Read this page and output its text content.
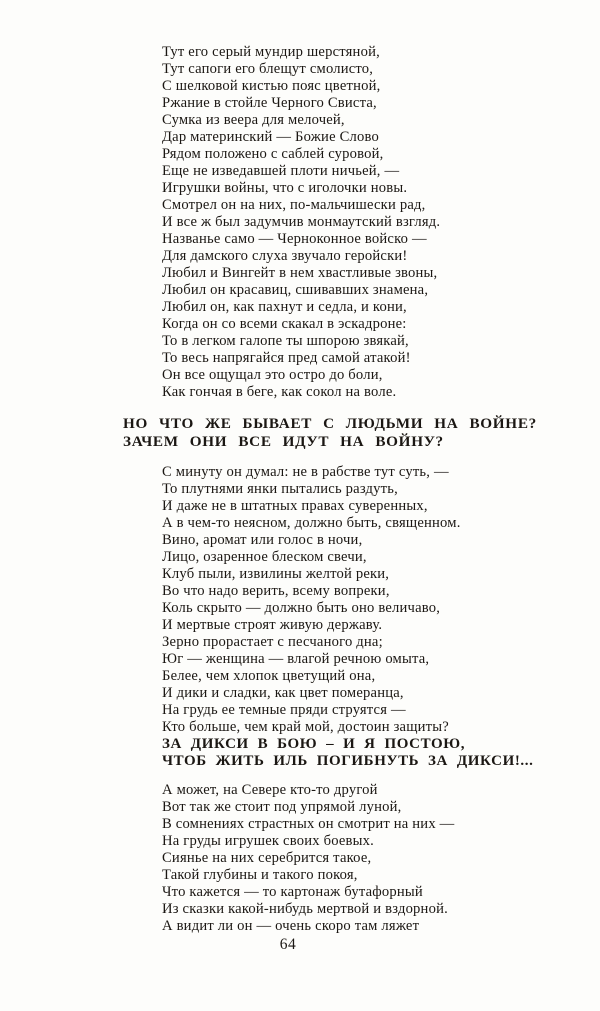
Тут его серый мундир шерстяной,
Тут сапоги его блещут смолисто,
С шелковой кистью пояс цветной,
Ржание в стойле Черного Свиста,
Сумка из веера для мелочей,
Дар материнский — Божие Слово
Рядом положено с саблей суровой,
Еще не изведавшей плоти ничьей, —
Игрушки войны, что с иголочки новы.
Смотрел он на них, по-мальчишески рад,
И все ж был задумчив монмаутский взгляд.
Названье само — Черноконное войско —
Для дамского слуха звучало геройски!
Любил и Вингейт в нем хвастливые звоны,
Любил он красавиц, сшивавших знамена,
Любил он, как пахнут и седла, и кони,
Когда он со всеми скакал в эскадроне:
То в легком галопе ты шпорою звякай,
То весь напрягайся пред самой атакой!
Он все ощущал это остро до боли,
Как гончая в беге, как сокол на воле.
НО ЧТО ЖЕ БЫВАЕТ С ЛЮДЬМИ НА ВОЙНЕ?
ЗАЧЕМ ОНИ ВСЕ ИДУТ НА ВОЙНУ?
С минуту он думал: не в рабстве тут суть, —
То плутнями янки пытались раздуть,
И даже не в штатных правах суверенных,
А в чем-то неясном, должно быть, священном.
Вино, аромат или голос в ночи,
Лицо, озаренное блеском свечи,
Клуб пыли, извилины желтой реки,
Во что надо верить, всему вопреки,
Коль скрыто — должно быть оно величаво,
И мертвые строят живую державу.
Зерно прорастает с песчаного дна;
Юг — женщина — влагой речною омыта,
Белее, чем хлопок цветущий она,
И дики и сладки, как цвет померанца,
На грудь ее темные пряди струятся —
Кто больше, чем край мой, достоин защиты?
ЗА ДИКСИ В БОЮ – И Я ПОСТОЮ,
ЧТОБ ЖИТЬ ИЛЬ ПОГИБНУТЬ ЗА ДИКСИ!...
А может, на Севере кто-то другой
Вот так же стоит под упрямой луной,
В сомнениях страстных он смотрит на них —
На груды игрушек своих боевых.
Сиянье на них серебрится такое,
Такой глубины и такого покоя,
Что кажется — то картонаж бутафорный
Из сказки какой-нибудь мертвой и вздорной.
А видит ли он — очень скоро там ляжет
64
